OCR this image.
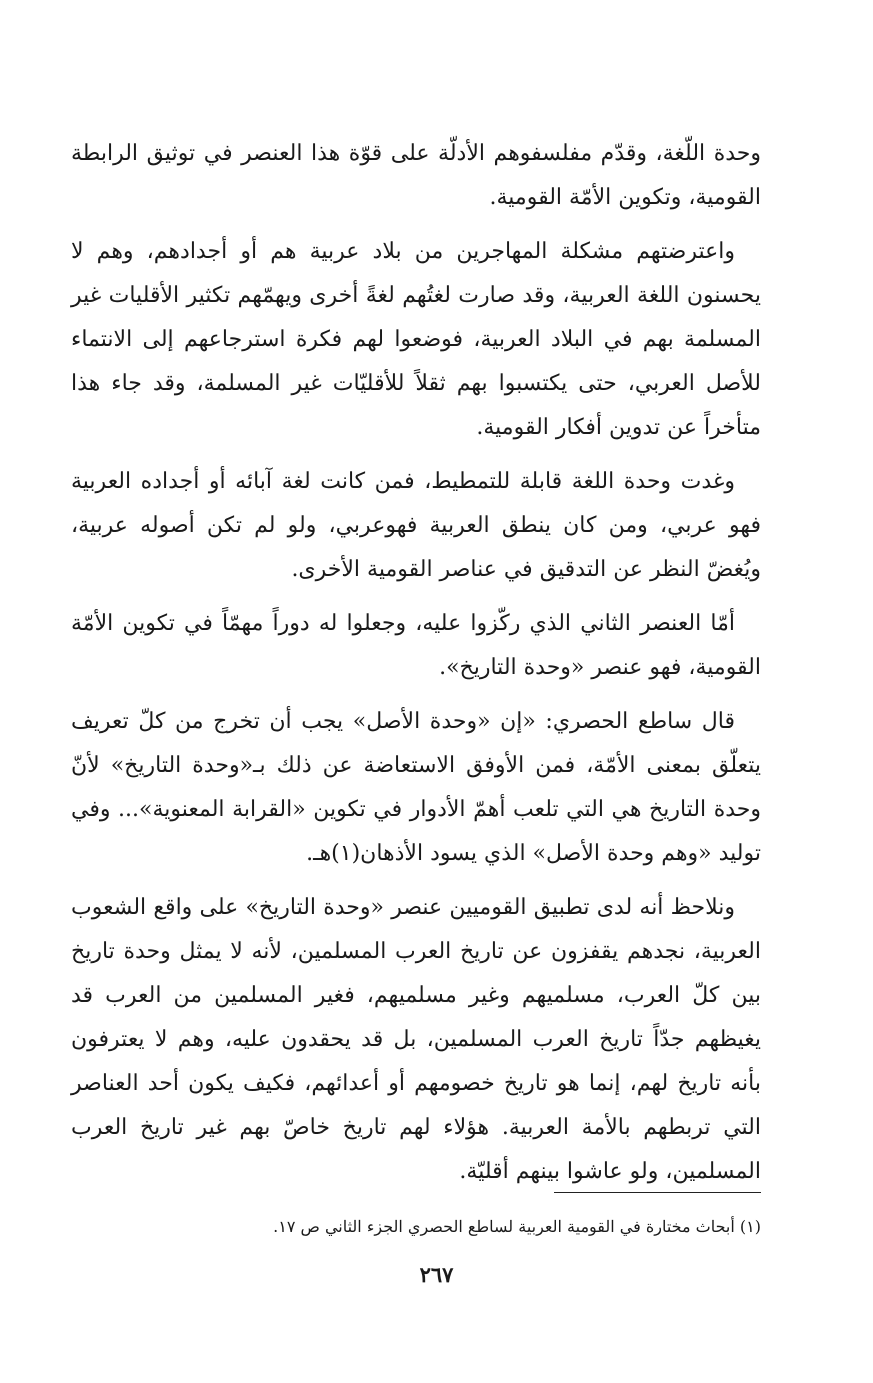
وحدة اللّغة، وقدّم مفلسفوهم الأدلّة على قوّة هذا العنصر في توثيق الرابطة القومية، وتكوين الأمّة القومية.

واعترضتهم مشكلة المهاجرين من بلاد عربية هم أو أجدادهم، وهم لا يحسنون اللغة العربية، وقد صارت لغتُهم لغةً أخرى ويهمّهم تكثير الأقليات غير المسلمة بهم في البلاد العربية، فوضعوا لهم فكرة استرجاعهم إلى الانتماء للأصل العربي، حتى يكتسبوا بهم ثقلاً للأقليّات غير المسلمة، وقد جاء هذا متأخراً عن تدوين أفكار القومية.

وغدت وحدة اللغة قابلة للتمطيط، فمن كانت لغة آبائه أو أجداده العربية فهو عربي، ومن كان ينطق العربية فهوعربي، ولو لم تكن أصوله عربية، ويُغضّ النظر عن التدقيق في عناصر القومية الأخرى.

أمّا العنصر الثاني الذي ركّزوا عليه، وجعلوا له دوراً مهمّاً في تكوين الأمّة القومية، فهو عنصر «وحدة التاريخ».

قال ساطع الحصري: «إن «وحدة الأصل» يجب أن تخرج من كلّ تعريف يتعلّق بمعنى الأمّة، فمن الأوفق الاستعاضة عن ذلك بـ«وحدة التاريخ» لأنّ وحدة التاريخ هي التي تلعب أهمّ الأدوار في تكوين «القرابة المعنوية»... وفي توليد «وهم وحدة الأصل» الذي يسود الأذهان(١)هـ.

ونلاحظ أنه لدى تطبيق القوميين عنصر «وحدة التاريخ» على واقع الشعوب العربية، نجدهم يقفزون عن تاريخ العرب المسلمين، لأنه لا يمثل وحدة تاريخ بين كلّ العرب، مسلميهم وغير مسلميهم، فغير المسلمين من العرب قد يغيظهم جدّاً تاريخ العرب المسلمين، بل قد يحقدون عليه، وهم لا يعترفون بأنه تاريخ لهم، إنما هو تاريخ خصومهم أو أعدائهم، فكيف يكون أحد العناصر التي تربطهم بالأمة العربية. هؤلاء لهم تاريخ خاصّ بهم غير تاريخ العرب المسلمين، ولو عاشوا بينهم أقليّة.

(١) أبحاث مختارة في القومية العربية لساطع الحصري الجزء الثاني ص ١٧.
٢٦٧
